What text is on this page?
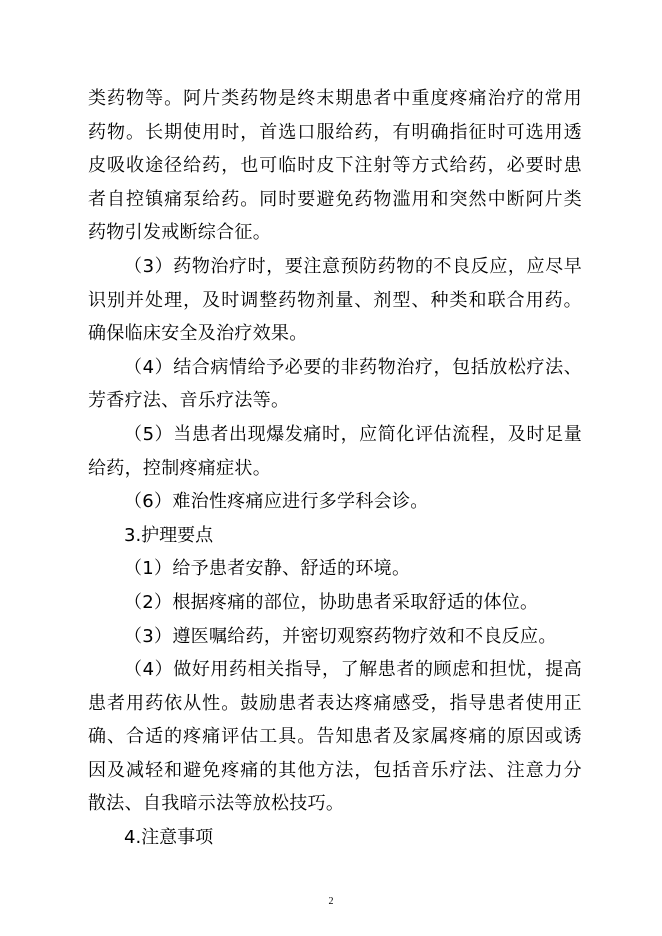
类药物等。阿片类药物是终末期患者中重度疼痛治疗的常用药物。长期使用时，首选口服给药，有明确指征时可选用透皮吸收途径给药，也可临时皮下注射等方式给药，必要时患者自控镇痛泵给药。同时要避免药物滥用和突然中断阿片类药物引发戒断综合征。

（3）药物治疗时，要注意预防药物的不良反应，应尽早识别并处理，及时调整药物剂量、剂型、种类和联合用药。确保临床安全及治疗效果。

（4）结合病情给予必要的非药物治疗，包括放松疗法、芳香疗法、音乐疗法等。

（5）当患者出现爆发痛时，应简化评估流程，及时足量给药，控制疼痛症状。

（6）难治性疼痛应进行多学科会诊。

3.护理要点

（1）给予患者安静、舒适的环境。

（2）根据疼痛的部位，协助患者采取舒适的体位。

（3）遵医嘱给药，并密切观察药物疗效和不良反应。

（4）做好用药相关指导，了解患者的顾虑和担忧，提高患者用药依从性。鼓励患者表达疼痛感受，指导患者使用正确、合适的疼痛评估工具。告知患者及家属疼痛的原因或诱因及减轻和避免疼痛的其他方法，包括音乐疗法、注意力分散法、自我暗示法等放松技巧。

4.注意事项

2
